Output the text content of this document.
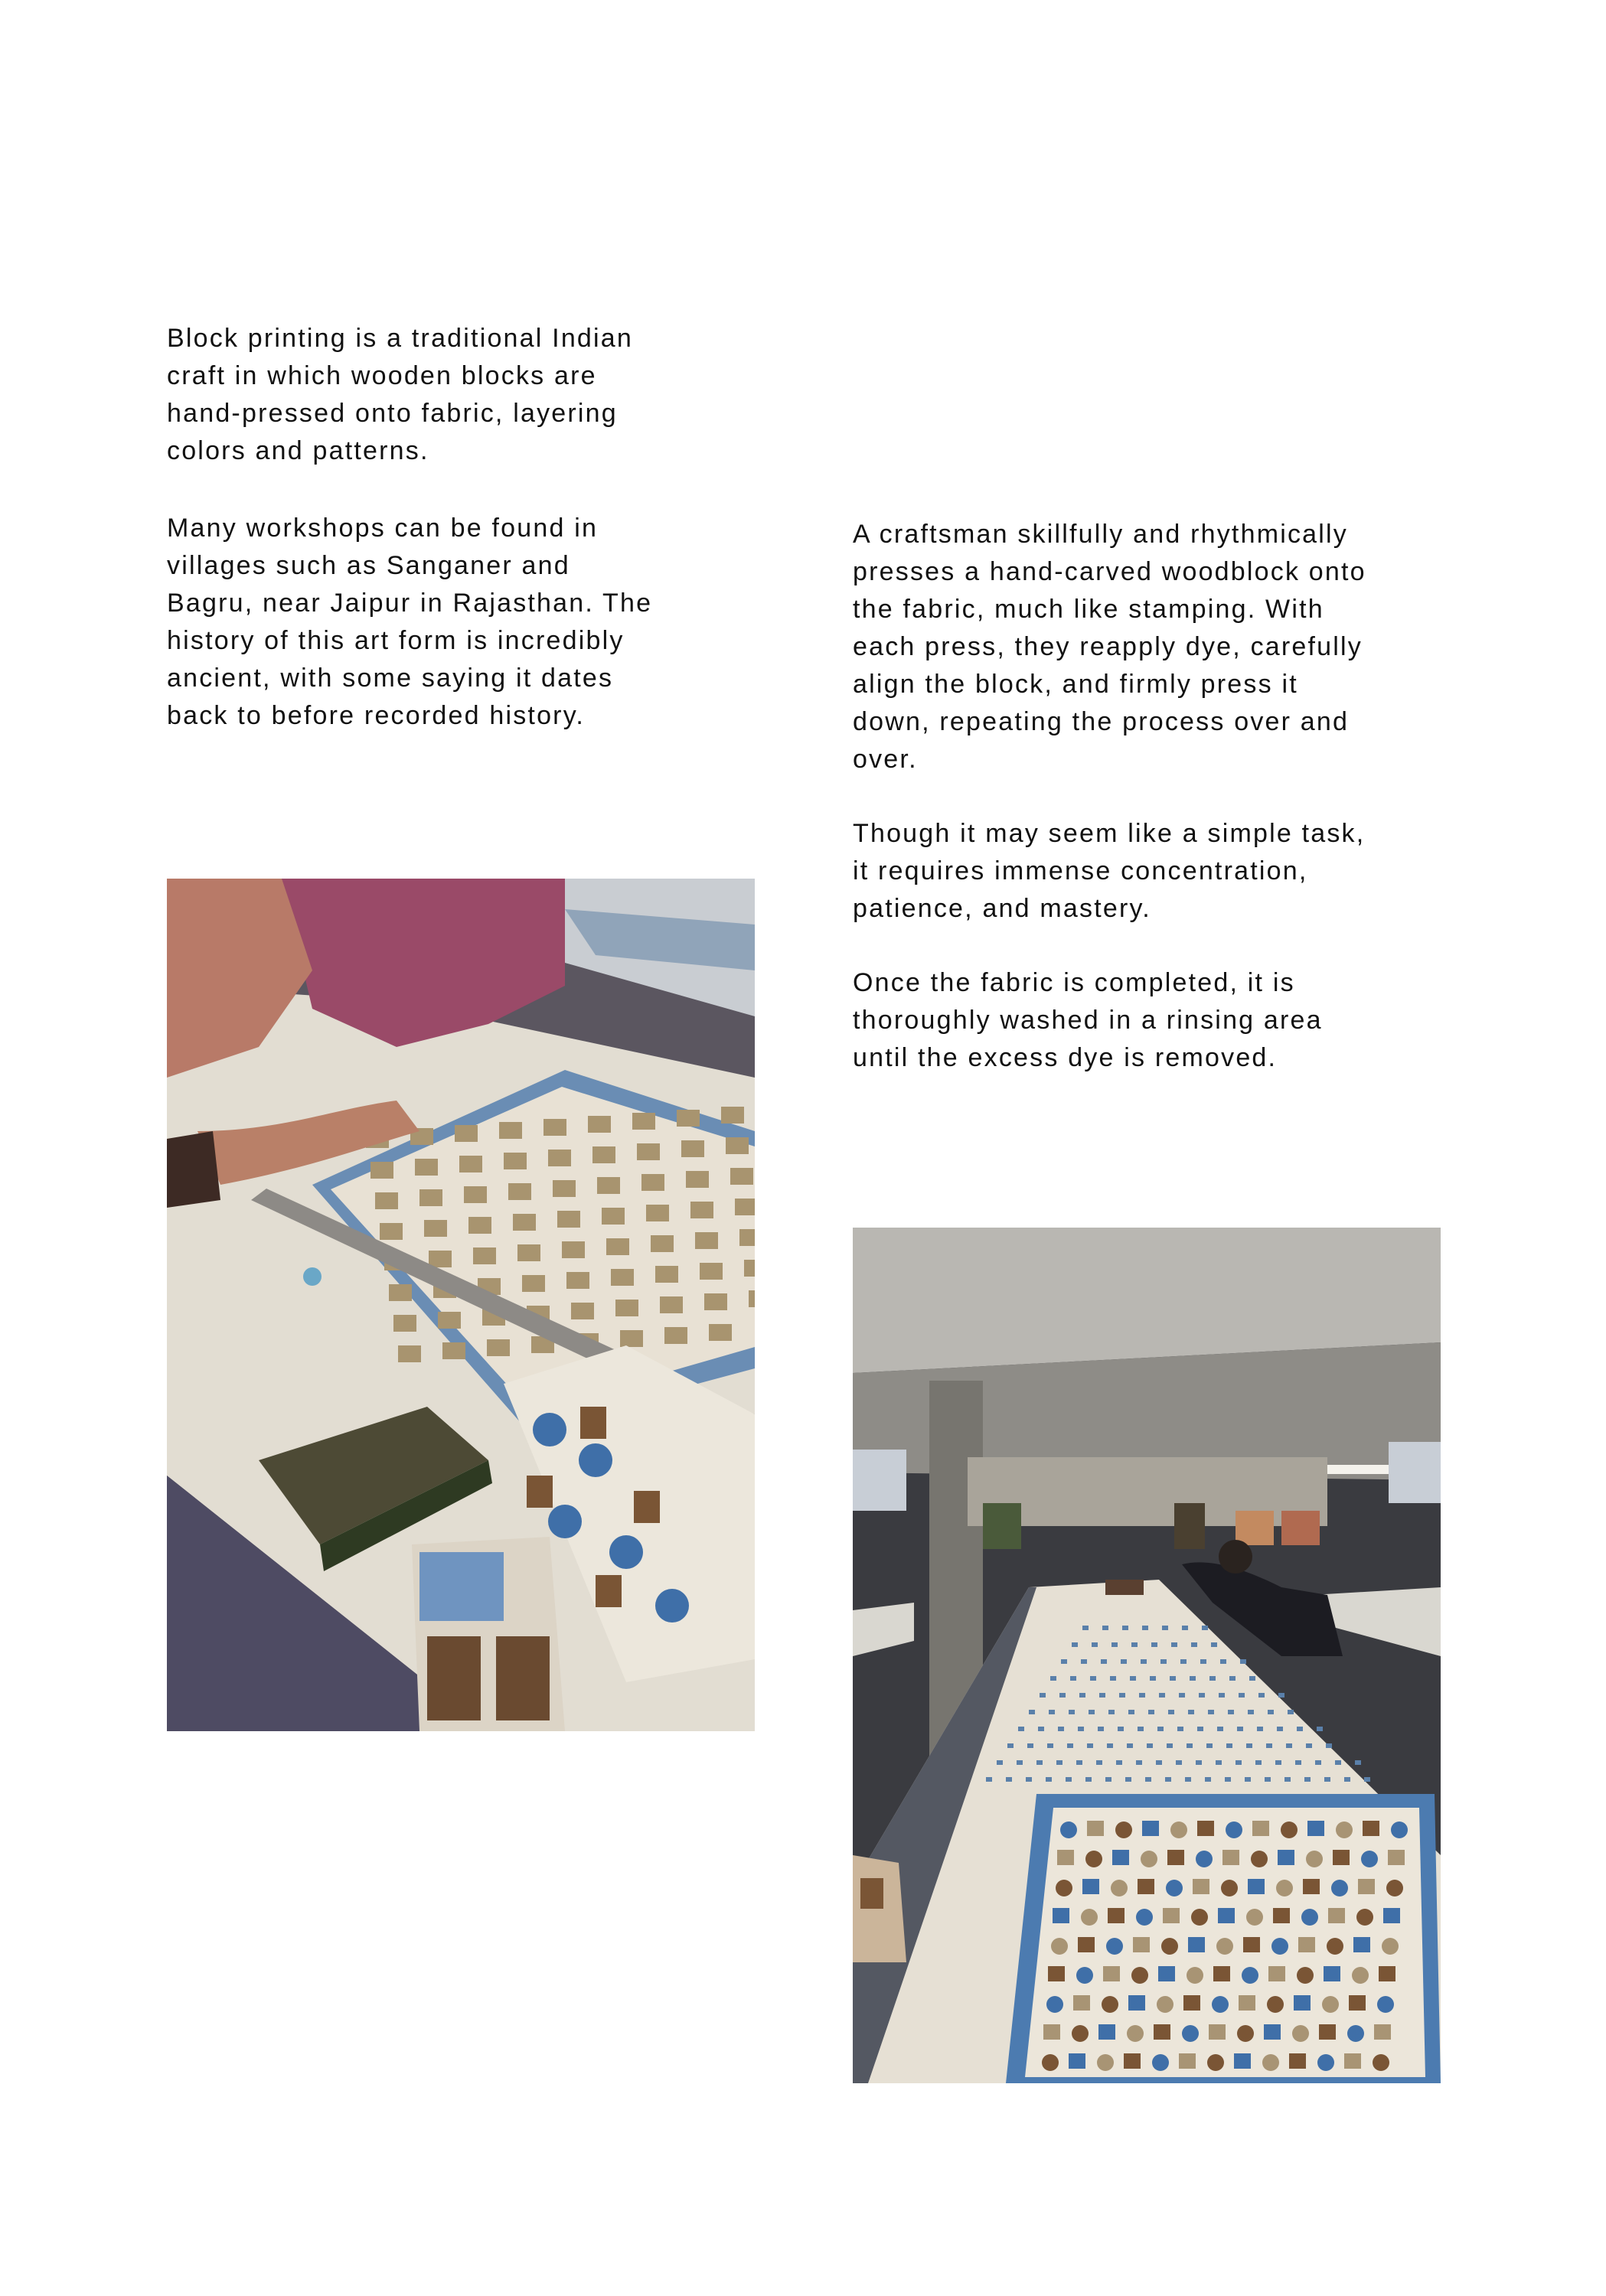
Block printing is a traditional Indian
craft in which wooden blocks are
hand-pressed onto fabric, layering
colors and patterns.

Many workshops can be found in
villages such as Sanganer and
Bagru, near Jaipur in Rajasthan. The
history of this art form is incredibly
ancient, with some saying it dates
back to before recorded history.

A craftsman skillfully and rhythmically
presses a hand-carved woodblock onto
the fabric, much like stamping. With
each press, they reapply dye, carefully
align the block, and firmly press it
down, repeating the process over and
over.

Though it may seem like a simple task,
it requires immense concentration,
patience, and mastery.

Once the fabric is completed, it is
thoroughly washed in a rinsing area
until the excess dye is removed.
